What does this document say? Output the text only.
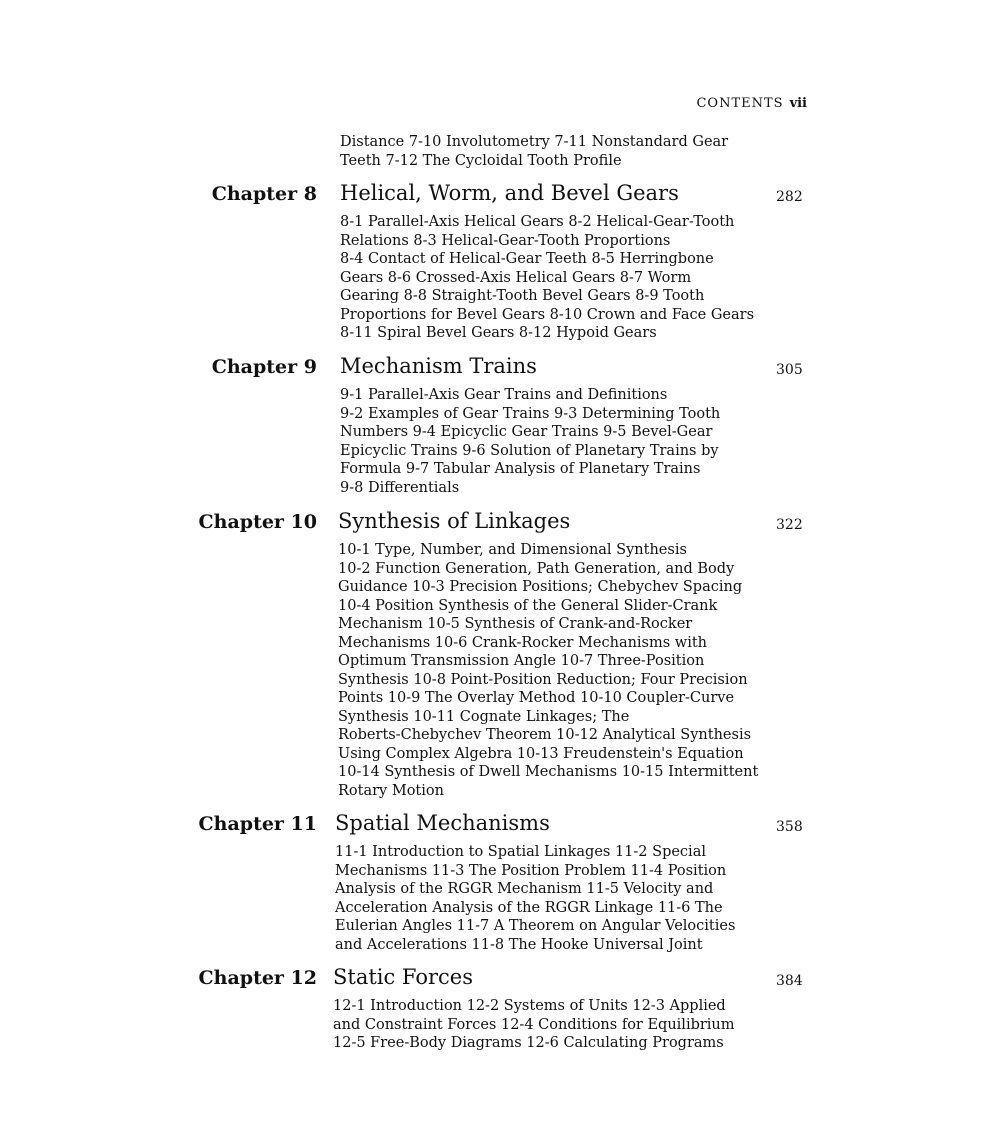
CONTENTS vii
Distance 7-10 Involutometry 7-11 Nonstandard Gear
Teeth 7-12 The Cycloidal Tooth Profile
Chapter 8 Helical, Worm, and Bevel Gears	282
8-1 Parallel-Axis Helical Gears 8-2 Helical-Gear-Tooth
Relations 8-3 Helical-Gear-Tooth Proportions
8-4 Contact of Helical-Gear Teeth 8-5 Herringbone
Gears 8-6 Crossed-Axis Helical Gears 8-7 Worm
Gearing 8-8 Straight-Tooth Bevel Gears 8-9 Tooth
Proportions for Bevel Gears 8-10 Crown and Face Gears
8-11 Spiral Bevel Gears 8-12 Hypoid Gears
Chapter 9 Mechanism Trains	305
9-1 Parallel-Axis Gear Trains and Definitions
9-2 Examples of Gear Trains 9-3 Determining Tooth
Numbers 9-4 Epicyclic Gear Trains 9-5 Bevel-Gear
Epicyclic Trains 9-6 Solution of Planetary Trains by
Formula 9-7 Tabular Analysis of Planetary Trains
9-8 Differentials
Chapter 10 Synthesis of Linkages	322
10-1 Type, Number, and Dimensional Synthesis
10-2 Function Generation, Path Generation, and Body
Guidance 10-3 Precision Positions; Chebychev Spacing
10-4 Position Synthesis of the General Slider-Crank
Mechanism 10-5 Synthesis of Crank-and-Rocker
Mechanisms 10-6 Crank-Rocker Mechanisms with
Optimum Transmission Angle 10-7 Three-Position
Synthesis 10-8 Point-Position Reduction; Four Precision
Points 10-9 The Overlay Method 10-10 Coupler-Curve
Synthesis 10-11 Cognate Linkages; The
Roberts-Chebychev Theorem 10-12 Analytical Synthesis
Using Complex Algebra 10-13 Freudenstein's Equation
10-14 Synthesis of Dwell Mechanisms 10-15 Intermittent
Rotary Motion
Chapter 11 Spatial Mechanisms	358
11-1 Introduction to Spatial Linkages 11-2 Special
Mechanisms 11-3 The Position Problem 11-4 Position
Analysis of the RGGR Mechanism 11-5 Velocity and
Acceleration Analysis of the RGGR Linkage 11-6 The
Eulerian Angles 11-7 A Theorem on Angular Velocities
and Accelerations 11-8 The Hooke Universal Joint
Chapter 12 Static Forces	384
12-1 Introduction 12-2 Systems of Units 12-3 Applied
and Constraint Forces 12-4 Conditions for Equilibrium
12-5 Free-Body Diagrams 12-6 Calculating Programs
